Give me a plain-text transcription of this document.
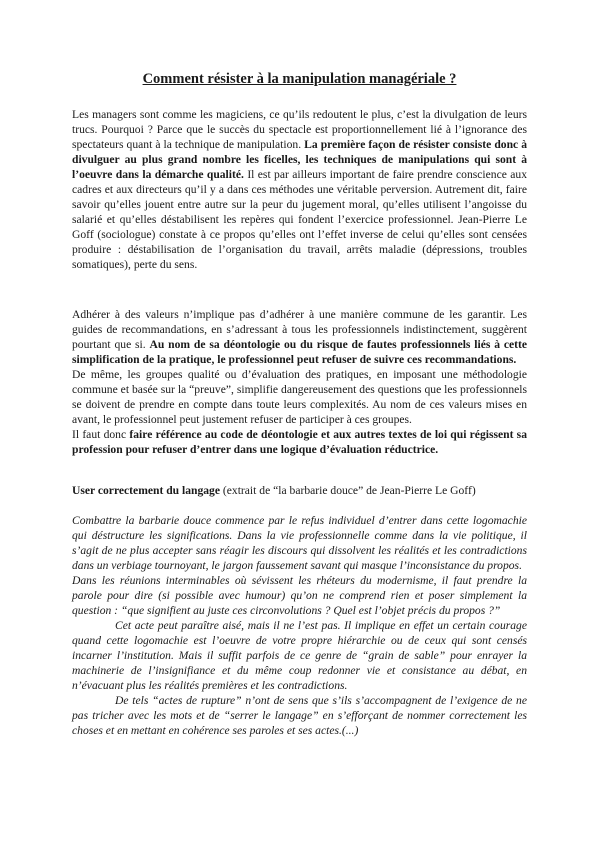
Comment résister à la manipulation managériale ?

Les managers sont comme les magiciens, ce qu’ils redoutent le plus, c’est la divulgation de leurs trucs. Pourquoi ? Parce que le succès du spectacle est proportionnellement lié à l’ignorance des spectateurs quant à la technique de manipulation. La première façon de résister consiste donc à divulguer au plus grand nombre les ficelles, les techniques de manipulations qui sont à l’oeuvre dans la démarche qualité. Il est par ailleurs important de faire prendre conscience aux cadres et aux directeurs qu’il y a dans ces méthodes une véritable perversion. Autrement dit, faire savoir qu’elles jouent entre autre sur la peur du jugement moral, qu’elles utilisent l’angoisse du salarié et qu’elles déstabilisent les repères qui fondent l’exercice professionnel. Jean-Pierre Le Goff (sociologue) constate à ce propos qu’elles ont l’effet inverse de celui qu’elles sont censées produire : déstabilisation de l’organisation du travail, arrêts maladie (dépressions, troubles somatiques), perte du sens.

Adhérer à des valeurs n’implique pas d’adhérer à une manière commune de les garantir. Les guides de recommandations, en s’adressant à tous les professionnels indistinctement, suggèrent pourtant que si. Au nom de sa déontologie ou du risque de fautes professionnels liés à cette simplification de la pratique, le professionnel peut refuser de suivre ces recommandations.

De même, les groupes qualité ou d’évaluation des pratiques, en imposant une méthodologie commune et basée sur la “preuve”, simplifie dangereusement des questions que les professionnels se doivent de prendre en compte dans toute leurs complexités. Au nom de ces valeurs mises en avant, le professionnel peut justement refuser de participer à ces groupes.

Il faut donc faire référence au code de déontologie et aux autres textes de loi qui régissent sa profession pour refuser d’entrer dans une logique d’évaluation réductrice.

User correctement du langage (extrait de “la barbarie douce” de Jean-Pierre Le Goff)

Combattre la barbarie douce commence par le refus individuel d’entrer dans cette logomachie qui déstructure les significations. Dans la vie professionnelle comme dans la vie politique, il s’agit de ne plus accepter sans réagir les discours qui dissolvent les réalités et les contradictions dans un verbiage tournoyant, le jargon faussement savant qui masque l’inconsistance du propos.

Dans les réunions interminables où sévissent les rhéteurs du modernisme, il faut prendre la parole pour dire (si possible avec humour) qu’on ne comprend rien et poser simplement la question : “que signifient au juste ces circonvolutions ? Quel est l’objet précis du propos ?”

Cet acte peut paraître aisé, mais il ne l’est pas. Il implique en effet un certain courage quand cette logomachie est l’oeuvre de votre propre hiérarchie ou de ceux qui sont censés incarner l’institution. Mais il suffit parfois de ce genre de “grain de sable” pour enrayer la machinerie de l’insignifiance et du même coup redonner vie et consistance au débat, en n’évacuant plus les réalités premières et les contradictions.

De tels “actes de rupture” n’ont de sens que s’ils s’accompagnent de l’exigence de ne pas tricher avec les mots et de “serrer le langage” en s’efforçant de nommer correctement les choses et en mettant en cohérence ses paroles et ses actes.(...)
